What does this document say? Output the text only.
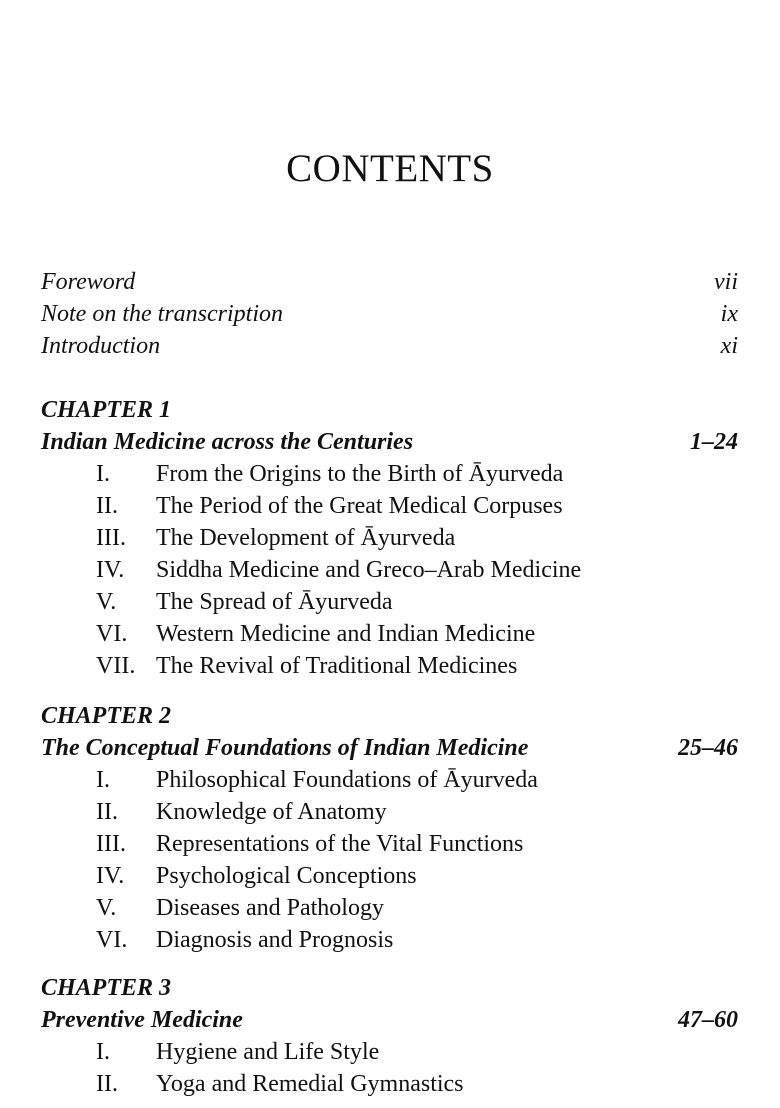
CONTENTS
Foreword	vii
Note on the transcription	ix
Introduction	xi
CHAPTER 1
Indian Medicine across the Centuries	1–24
I.	From the Origins to the Birth of Āyurveda
II.	The Period of the Great Medical Corpuses
III.	The Development of Āyurveda
IV.	Siddha Medicine and Greco–Arab Medicine
V.	The Spread of Āyurveda
VI.	Western Medicine and Indian Medicine
VII. The Revival of Traditional Medicines
CHAPTER 2
The Conceptual Foundations of Indian Medicine	25–46
I.	Philosophical Foundations of Āyurveda
II.	Knowledge of Anatomy
III.	Representations of the Vital Functions
IV.	Psychological Conceptions
V.	Diseases and Pathology
VI.	Diagnosis and Prognosis
CHAPTER 3
Preventive Medicine	47–60
I.	Hygiene and Life Style
II.	Yoga and Remedial Gymnastics
